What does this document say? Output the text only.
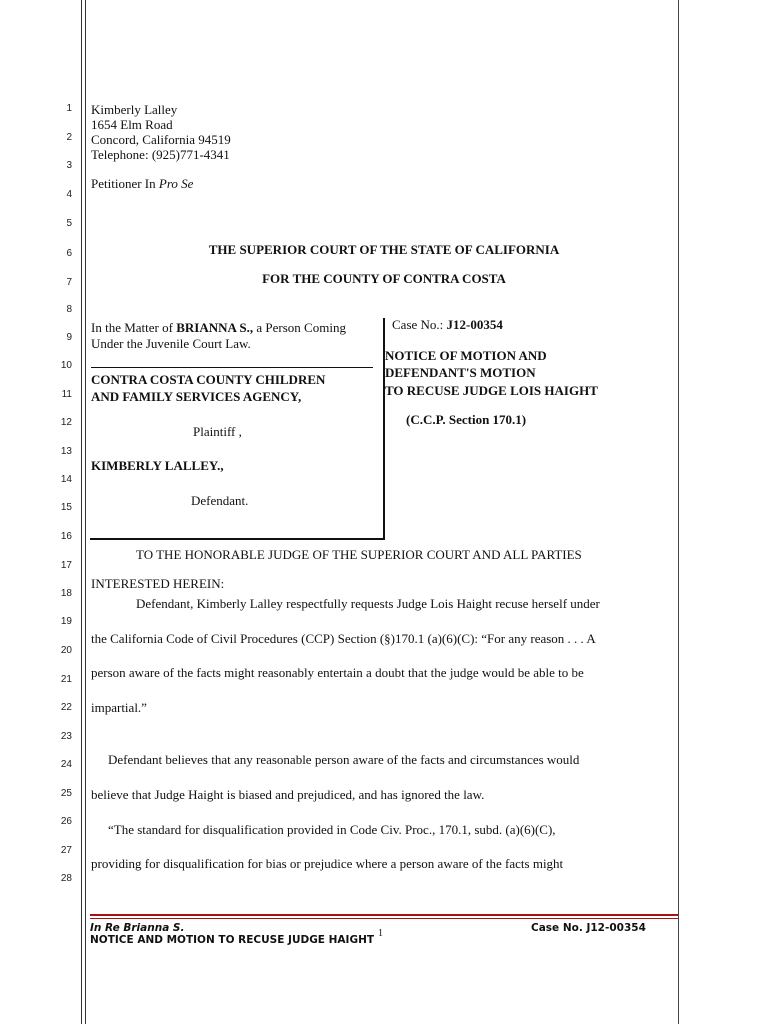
1
2
3
4
5
6
7
8
9
10
11
12
13
14
15
16
17
18
19
20
21
22
23
24
25
26
27
28
Kimberly Lalley
1654 Elm Road
Concord, California 94519
Telephone: (925)771-4341
Petitioner In Pro Se
THE SUPERIOR COURT OF THE STATE OF CALIFORNIA
FOR THE COUNTY OF CONTRA COSTA
In the Matter of BRIANNA S., a Person Coming
Under the Juvenile Court Law.
CONTRA COSTA COUNTY CHILDREN
AND FAMILY SERVICES AGENCY,
Plaintiff ,
KIMBERLY LALLEY.,
Defendant.
Case No.: J12-00354
NOTICE OF MOTION AND
DEFENDANT'S MOTION
TO RECUSE JUDGE LOIS HAIGHT
(C.C.P. Section 170.1)
TO THE HONORABLE JUDGE OF THE SUPERIOR COURT AND ALL PARTIES
INTERESTED HEREIN:
Defendant, Kimberly Lalley respectfully requests Judge Lois Haight recuse herself under
the California Code of Civil Procedures (CCP) Section (§)170.1 (a)(6)(C): “For any reason . . . A
person aware of the facts might reasonably entertain a doubt that the judge would be able to be
impartial.”
Defendant believes that any reasonable person aware of the facts and circumstances would
believe that Judge Haight is biased and prejudiced, and has ignored the law.
“The standard for disqualification provided in Code Civ. Proc., 170.1, subd. (a)(6)(C),
providing for disqualification for bias or prejudice where a person aware of the facts might
In Re Brianna S.
NOTICE AND MOTION TO RECUSE JUDGE HAIGHT
Case No. J12-00354
1
